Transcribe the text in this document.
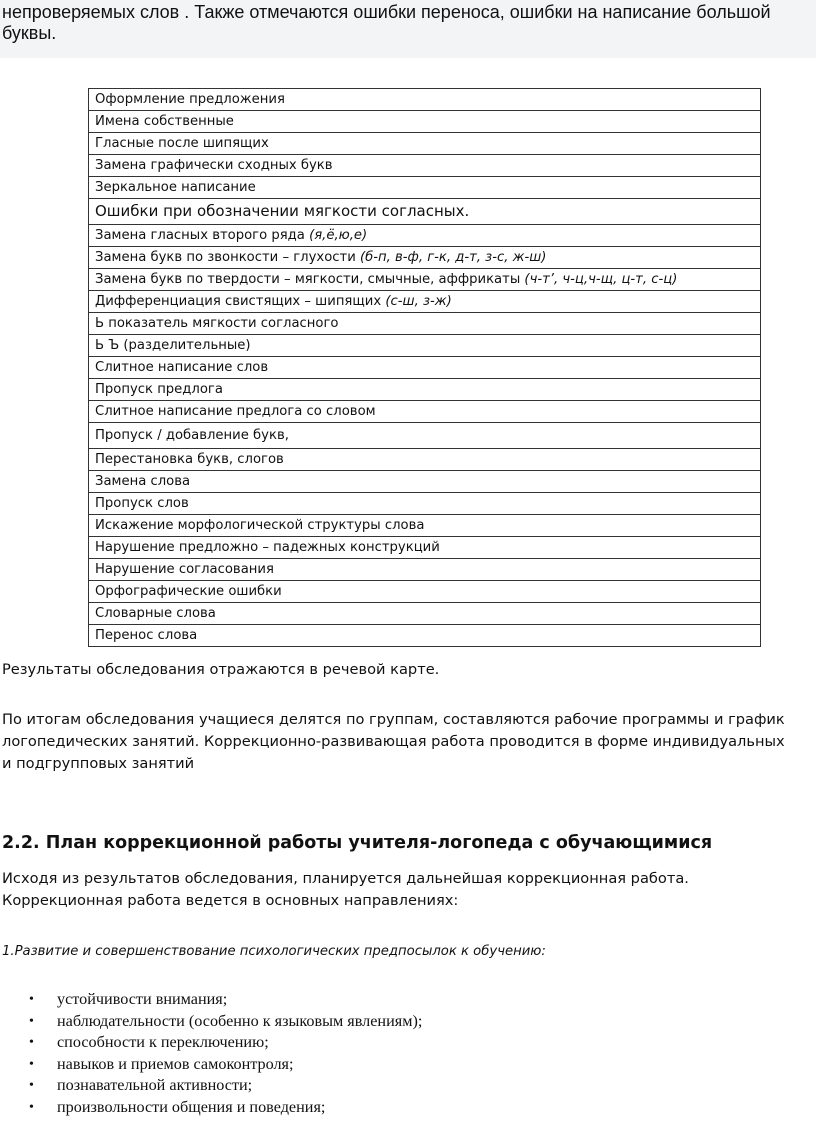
непроверяемых слов . Также отмечаются ошибки переноса, ошибки на написание большой
буквы.
Оформление предложения
Имена собственные
Гласные после шипящих
Замена графически сходных букв
Зеркальное написание
Ошибки при обозначении мягкости согласных.
Замена гласных второго ряда (я,ё,ю,е)
Замена букв по звонкости – глухости (б-п, в-ф, г-к, д-т, з-с, ж-ш)
Замена букв по твердости – мягкости, смычные, аффрикаты (ч-т’, ч-ц,ч-щ, ц-т, с-ц)
Дифференциация свистящих – шипящих (с-ш, з-ж)
Ь показатель мягкости согласного
Ь Ъ (разделительные)
Слитное написание слов
Пропуск предлога
Слитное написание предлога со словом
Пропуск / добавление букв,
Перестановка букв, слогов
Замена слова
Пропуск слов
Искажение морфологической структуры слова
Нарушение предложно – падежных конструкций
Нарушение согласования
Орфографические ошибки
Словарные слова
Перенос слова

Результаты обследования отражаются в речевой карте.

По итогам обследования учащиеся делятся по группам, составляются рабочие программы и график
логопедических занятий. Коррекционно-развивающая работа проводится в форме индивидуальных
и подгрупповых занятий
2.2. План коррекционной работы учителя-логопеда с обучающимися
Исходя из результатов обследования, планируется дальнейшая коррекционная работа.
Коррекционная работа ведется в основных направлениях:

1.Развитие и совершенствование психологических предпосылок к обучению:

• устойчивости внимания;
• наблюдательности (особенно к языковым явлениям);
• способности к переключению;
• навыков и приемов самоконтроля;
• познавательной активности;
• произвольности общения и поведения;
